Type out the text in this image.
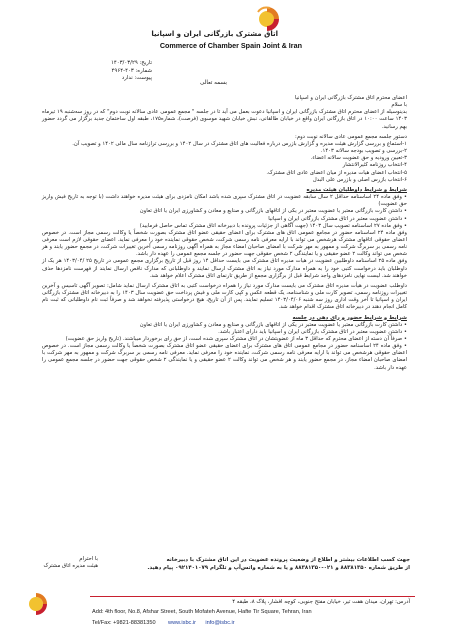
اتاق مشترک بازرگانی ایران و اسپانیا
Commerce of Chamber Spain Joint & Iran
تاریخ: ۱۴۰۳/۰۳/۲۹
شماره: ۴۰۳-۴۹۶۴
پیوست: ندارد
بسمه تعالی

اعضای محترم اتاق مشترک بازرگانی ایران و اسپانیا

با سلام

بدینوسیله از اعضای محترم اتاق مشترک بازرگانی ایران و اسپانیا دعوت بعمل می آید تا در جلسه " مجمع عمومی عادی سالانه نوبت دوم" که در روز سه‌شنبه ۱۹ تیرماه ۱۴۰۳ ساعت ۱۰:۰۰ در اتاق بازرگانی ایران واقع در خیابان طالقانی، نبش خیابان شهید موسوی (فرصت)، شماره۱۷۵، طبقه اول ساختمان جدید برگزار می گردد حضور بهم رسانید.

دستور جلسه مجمع عمومی عادی سالانه نوبت دوم:

۱-استماع و بررسی گزارش هیئت مدیره و گزارش بازرس درباره فعالیت های اتاق مشترک در سال ۱۴۰۲ و بررسی ترازنامه سال مالی ۱۴۰۲ و تصویب آن.

۲-بررسی و تصویب بودجه سالانه ۱۴۰۳.

۳-تعیین ورودیه و حق عضویت سالانه اعضاء.

۴-انتخاب روزنامه کثیرالانتشار

۵-انتخاب اعضای هیات مدیره از میان اعضای عادی اتاق مشترک.

۶-انتخاب بازرس اصلی و بازرس علی البدل

شرایط و شرایط داوطلبان هیئت مدیره

• وفق ماده ۲۴ اساسنامه حداقل ۲ سال سابقه عضویت در اتاق مشترک سپری شده باشد امکان نامزدی برای هیئت مدیره خواهند داشت (با توجه به تاریخ فیش واریز حق عضویت)

• داشتن کارت بازرگانی معتبر یا عضویت معتبر در یکی از اتاقهای بازرگانی و صنایع و معادن و کشاورزی ایران یا اتاق تعاون

• داشتن عضویت معتبر در اتاق مشترک بازرگانی ایران و اسپانیا

• وفق ماده ۲۷ اساسنامه تصویب سال ۱۴۰۳ (جهت آگاهی از جزئیات پرونده با دبیرخانه اتاق مشترک تماس حاصل فرمایید)

وفق ماده ۲۴ اساسنامه حضور در مجامع عمومی اتاق های مشترک برای اعضای حقیقی عضو اتاق مشترک بصورت شخصاً یا وکالت رسمی مجاز است. در خصوص اعضای حقوقی اتاقهای مشترک هرشخص می تواند با ارایه معرفی نامه رسمی شرکت، شخص حقوقی نماینده خود را معرفی نماید. اعضای حقوقی لازم است معرفی نامه رسمی بر سربرگ شرکت و ممهور به مهر شرکت با امضای صاحبان امضاء مجاز به همراه آگهی روزنامه رسمی آخرین تغییرات شرکت، در مجمع حضور یابند و هر شخص می تواند وکالت ۲ عضو حقیقی و یا نمایندگی ۲ شخص حقوقی جهت حضور در جلسه مجمع عمومی را عهده دار باشد.

وفق ماده ۲۵ اساسنامه داوطلبین عضویت در هیات مدیره اتاق مشترک می بایست حداقل ۱۴ روز قبل از تاریخ برگزاری مجمع عمومی در تاریخ ۲۵ /۱۴۰۳/۰۴ هر یک از داوطلبان باید درخواست کتبی خود را به همراه مدارک مورد نیاز به اتاق مشترک ارسال نمایند و داوطلبانی که مدارک ناقص ارسال نمایند از فهرست نامزدها حذف خواهند شد. لیست نهایی نامزدهای واجد شرایط قبل از برگزاری مجمع از طریق تارنمای اتاق مشترک اعلام خواهد شد.

داوطلب عضویت در هیأت مدیره اتاق مشترک می بایست مدارک مورد نیاز را همراه درخواست کتبی به اتاق مشترک ارسال نماید شامل: تصویر آگهی تاسیس و آخرین تغییرات روزنامه رسمی، تصویر کارت ملی و شناسنامه، یک قطعه عکس و کپی کارت ملی و فیش پرداخت حق عضویت سال ۱۴۰۳ را به دبیرخانه اتاق مشترک بازرگانی ایران و اسپانیا تا آخر وقت اداری روز سه شنبه ۱۴۰۳/۰۴/۰۶ تسلیم نمایند. پس از آن تاریخ، هیچ درخواستی پذیرفته نخواهد شد و صرفاً ثبت نام داوطلبانی که ثبت نام کامل انجام دهند در دبیرخانه اتاق مشترک اقدام خواهد شد.

شرایط و شرایط حضور و رای دهی در جلسه

• داشتن کارت بازرگانی معتبر یا عضویت معتبر در یکی از اتاقهای بازرگانی و صنایع و معادن و کشاورزی ایران یا اتاق تعاون

• داشتن عضویت معتبر در اتاق مشترک بازرگانی ایران و اسپانیا باید دارای اعتبار باشد.

• صرفاً آن دسته از اعضای محترم که حداقل ۳ ماه از عضویتشان در اتاق مشترک سپری شده است، از حق رای برخوردار میباشند. (تاریخ واریز حق عضویت)

• وفق ماده ۲۴ اساسنامه حضور در مجامع عمومی اتاق های مشترک برای اعضای حقیقی عضو اتاق مشترک بصورت شخصاً یا وکالت رسمی مجاز است. در خصوص اعضای حقوقی هرشخص می تواند با ارایه معرفی نامه رسمی شرکت، نماینده خود را معرفی نماید. معرفی نامه رسمی بر سربرگ شرکت و ممهور به مهر شرکت با امضای صاحبان امضاء مجاز، در مجمع حضور یابند و هر شخص می تواند وکالت ۲ عضو حقیقی و یا نمایندگی ۲ شخص حقوقی جهت حضور در جلسه مجمع عمومی را عهده دار باشد.

با احترام
هیئت مدیره اتاق مشترک
جهت کسب اطلاعات بیشتر و اطلاع از وضعیت پرونده عضویت در این اتاق مشترک با دبیرخانه
از طریق شماره ۸۸۳۸۱۳۵۰ و ۰۲۱-۸۸۳۸۱۳۵۰ و یا به شماره واتس‌آپ و تلگرام ۰۹۲۱۴۰۱۰۷۹ پیام دهید.
آدرس: تهران، میدان هفت تیر، خیابان مفتح جنوبی، کوچه افشار، پلاک ۸، طبقه ۴
Add: 4th floor, No.8, Afshar Street, South Mofateh Avenue, Hafte Tir Square, Tehran, Iran
Tel/Fax: +9821-88381350 www.isbc.ir info@isbc.ir
